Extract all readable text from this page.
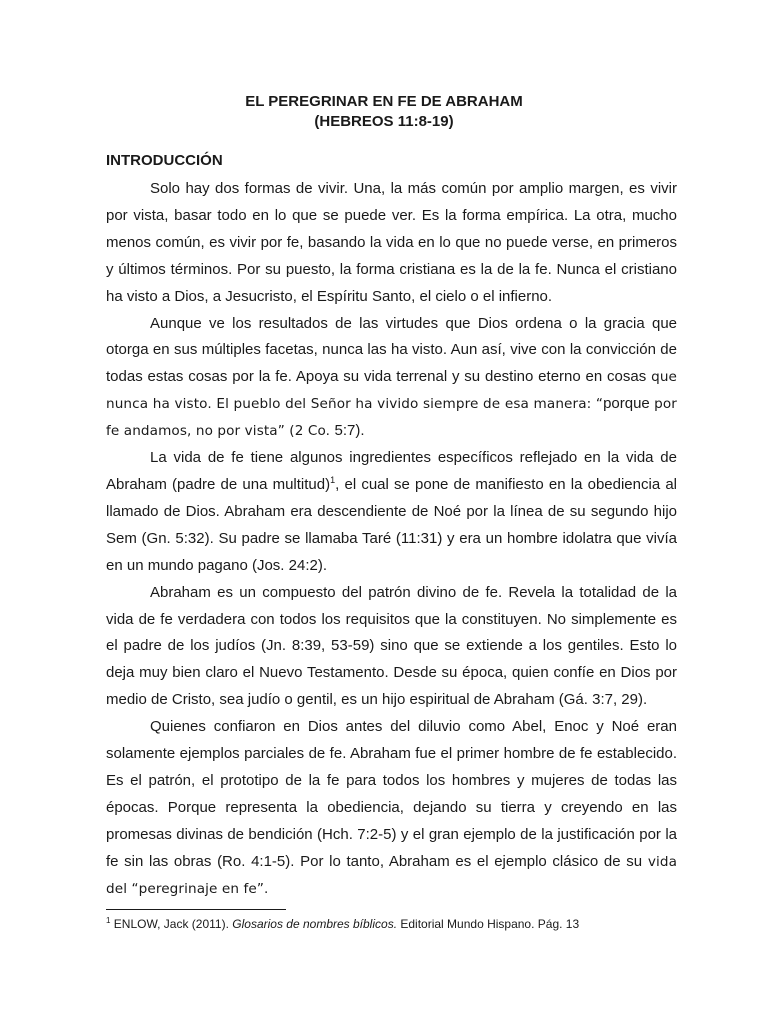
EL PEREGRINAR EN FE DE ABRAHAM
(HEBREOS 11:8-19)
INTRODUCCIÓN

Solo hay dos formas de vivir. Una, la más común por amplio margen, es vivir por vista, basar todo en lo que se puede ver. Es la forma empírica. La otra, mucho menos común, es vivir por fe, basando la vida en lo que no puede verse, en primeros y últimos términos. Por su puesto, la forma cristiana es la de la fe. Nunca el cristiano ha visto a Dios, a Jesucristo, el Espíritu Santo, el cielo o el infierno.

Aunque ve los resultados de las virtudes que Dios ordena o la gracia que otorga en sus múltiples facetas, nunca las ha visto. Aun así, vive con la convicción de todas estas cosas por la fe. Apoya su vida terrenal y su destino eterno en cosas que nunca ha visto. El pueblo del Señor ha vivido siempre de esa manera: “porque por fe andamos, no por vista” (2 Co. 5:7).

La vida de fe tiene algunos ingredientes específicos reflejado en la vida de Abraham (padre de una multitud)$^1$, el cual se pone de manifiesto en la obediencia al llamado de Dios. Abraham era descendiente de Noé por la línea de su segundo hijo Sem (Gn. 5:32). Su padre se llamaba Taré (11:31) y era un hombre idolatra que vivía en un mundo pagano (Jos. 24:2).

Abraham es un compuesto del patrón divino de fe. Revela la totalidad de la vida de fe verdadera con todos los requisitos que la constituyen. No simplemente es el padre de los judíos (Jn. 8:39, 53-59) sino que se extiende a los gentiles. Esto lo deja muy bien claro el Nuevo Testamento. Desde su época, quien confíe en Dios por medio de Cristo, sea judío o gentil, es un hijo espiritual de Abraham (Gá. 3:7, 29).

Quienes confiaron en Dios antes del diluvio como Abel, Enoc y Noé eran solamente ejemplos parciales de fe. Abraham fue el primer hombre de fe establecido. Es el patrón, el prototipo de la fe para todos los hombres y mujeres de todas las épocas. Porque representa la obediencia, dejando su tierra y creyendo en las promesas divinas de bendición (Hch. 7:2-5) y el gran ejemplo de la justificación por la fe sin las obras (Ro. 4:1-5). Por lo tanto, Abraham es el ejemplo clásico de su vida del “peregrinaje en fe”.

$^1$ ENLOW, Jack (2011). Glosarios de nombres bíblicos. Editorial Mundo Hispano. Pág. 13
